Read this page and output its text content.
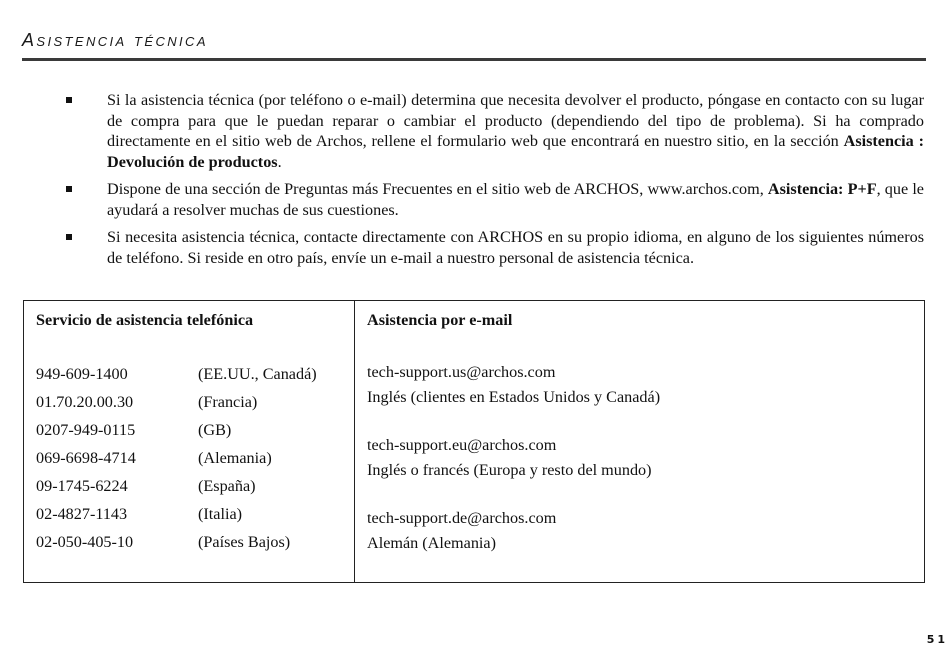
Asistencia técnica
Si la asistencia técnica (por teléfono o e-mail) determina que necesita devolver el producto, póngase en contacto con su lugar de compra para que le puedan reparar o cambiar el producto (dependiendo del tipo de problema). Si ha comprado directamente en el sitio web de Archos, rellene el formulario web que encontrará en nuestro sitio, en la sección Asistencia : Devolución de productos.
Dispone de una sección de Preguntas más Frecuentes en el sitio web de ARCHOS, www.archos.com, Asistencia: P+F, que le ayudará a resolver muchas de sus cuestiones.
Si necesita asistencia técnica, contacte directamente con ARCHOS en su propio idioma, en alguno de los siguientes números de teléfono. Si reside en otro país, envíe un e-mail a nuestro personal de asistencia técnica.
Servicio de asistencia telefónica
949-609-1400	(EE.UU., Canadá)
01.70.20.00.30	(Francia)
0207-949-0115	(GB)
069-6698-4714	(Alemania)
09-1745-6224	(España)
02-4827-1143	(Italia)
02-050-405-10	(Países Bajos)
Asistencia por e-mail
tech-support.us@archos.com
Inglés (clientes en Estados Unidos y Canadá)
tech-support.eu@archos.com
Inglés o francés (Europa y resto del mundo)
tech-support.de@archos.com
Alemán (Alemania)
51
